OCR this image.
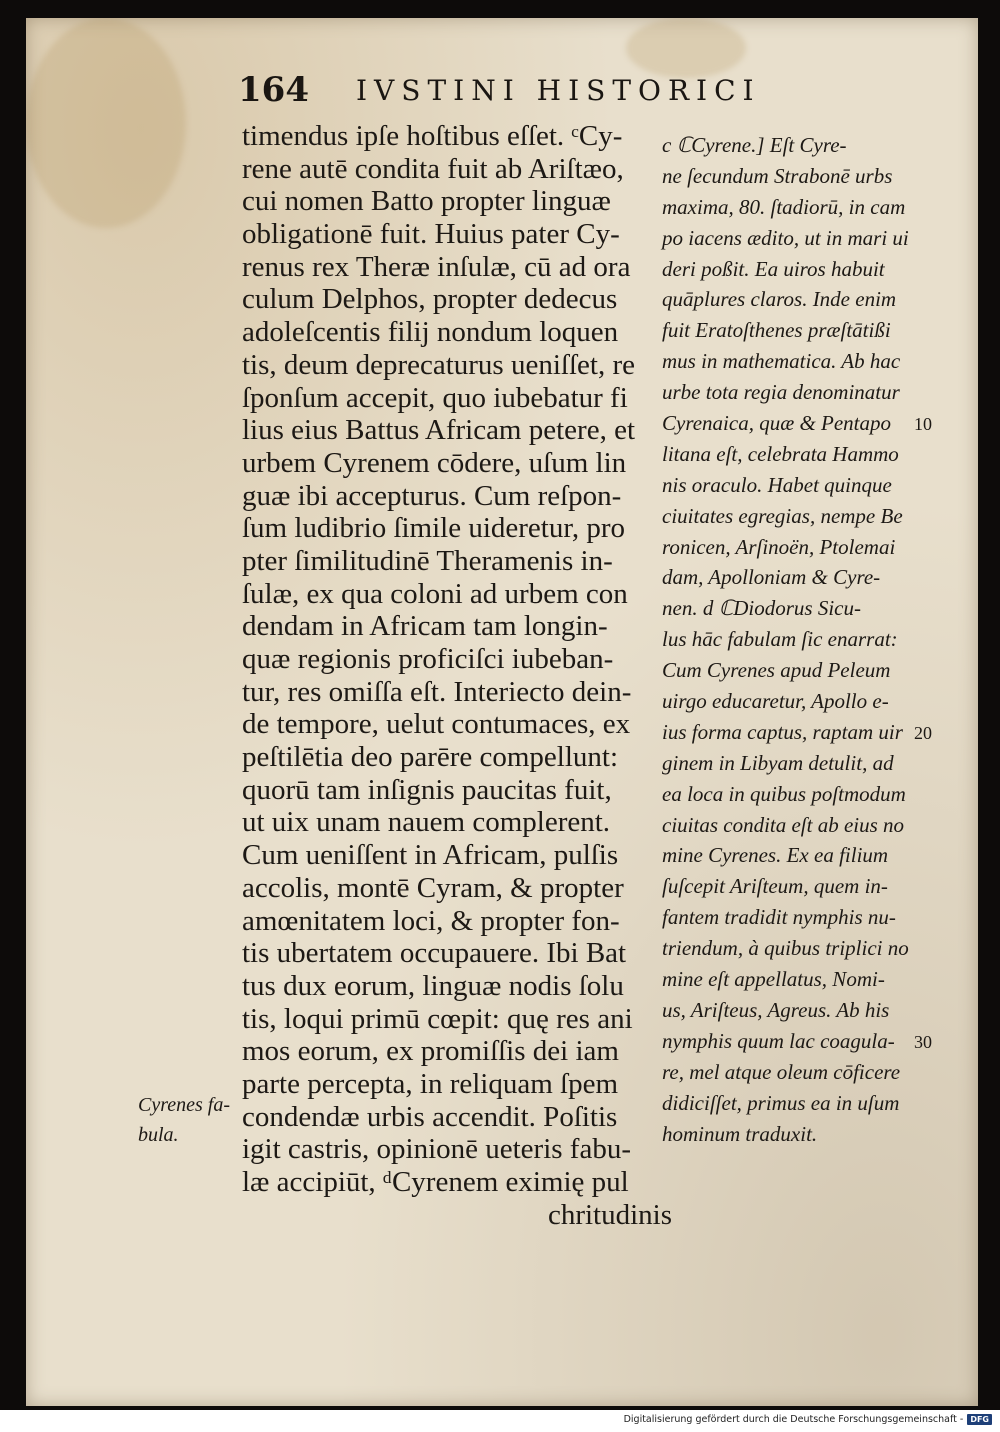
164 IVSTINI HISTORICI
timendus ipſe hoſtibus eſſet. ᶜCy-
rene autē condita fuit ab Ariſtæo,
cui nomen Batto propter linguæ
obligationē fuit. Huius pater Cy-
renus rex Theræ inſulæ, cū ad ora
culum Delphos, propter dedecus
adoleſcentis filij nondum loquen
tis, deum deprecaturus ueniſſet, re
ſponſum accepit, quo iubebatur fi
lius eius Battus Africam petere, et
urbem Cyrenem cōdere, uſum lin
guæ ibi accepturus. Cum reſpon-
ſum ludibrio ſimile uideretur, pro
pter ſimilitudinē Theramenis in-
ſulæ, ex qua coloni ad urbem con
dendam in Africam tam longin-
quæ regionis proficiſci iubeban-
tur, res omiſſa eſt. Interiecto dein-
de tempore, uelut contumaces, ex
peſtilētia deo parēre compellunt:
quorū tam inſignis paucitas fuit,
ut uix unam nauem complerent.
Cum ueniſſent in Africam, pulſis
accolis, montē Cyram, & propter
amœnitatem loci, & propter fon-
tis ubertatem occupauere. Ibi Bat
tus dux eorum, linguæ nodis ſolu
tis, loqui primū cœpit: quę res ani
mos eorum, ex promiſſis dei iam
parte percepta, in reliquam ſpem
condendæ urbis accendit. Poſitis
igit castris, opinionē ueteris fabu-
læ accipiūt, ᵈCyrenem eximię pul
chritudinis
Cyrenes fa-
bula.
c ℂCyrene.] Eſt Cyre-
ne ſecundum Strabonē urbs
maxima, 80. ſtadiorū, in cam
po iacens ædito, ut in mari ui
deri poßit. Ea uiros habuit
quāplures claros. Inde enim
fuit Eratoſthenes præſtātißi
mus in mathematica. Ab hac
urbe tota regia denominatur
Cyrenaica, quæ & Pentapo
litana eſt, celebrata Hammo
nis oraculo. Habet quinque
ciuitates egregias, nempe Be
ronicen, Arſinoën, Ptolemai
dam, Apolloniam & Cyre-
nen. d ℂDiodorus Sicu-
lus hāc fabulam ſic enarrat:
Cum Cyrenes apud Peleum
uirgo educaretur, Apollo e-
ius forma captus, raptam uir
ginem in Libyam detulit, ad
ea loca in quibus poſtmodum
ciuitas condita eſt ab eius no
mine Cyrenes. Ex ea filium
ſuſcepit Ariſteum, quem in-
fantem tradidit nymphis nu-
triendum, à quibus triplici no
mine eſt appellatus, Nomi-
us, Ariſteus, Agreus. Ab his
nymphis quum lac coagula-
re, mel atque oleum cōficere
didiciſſet, primus ea in uſum
hominum traduxit.
10
20
30
Digitalisierung gefördert durch die Deutsche Forschungsgemeinschaft - DFG
